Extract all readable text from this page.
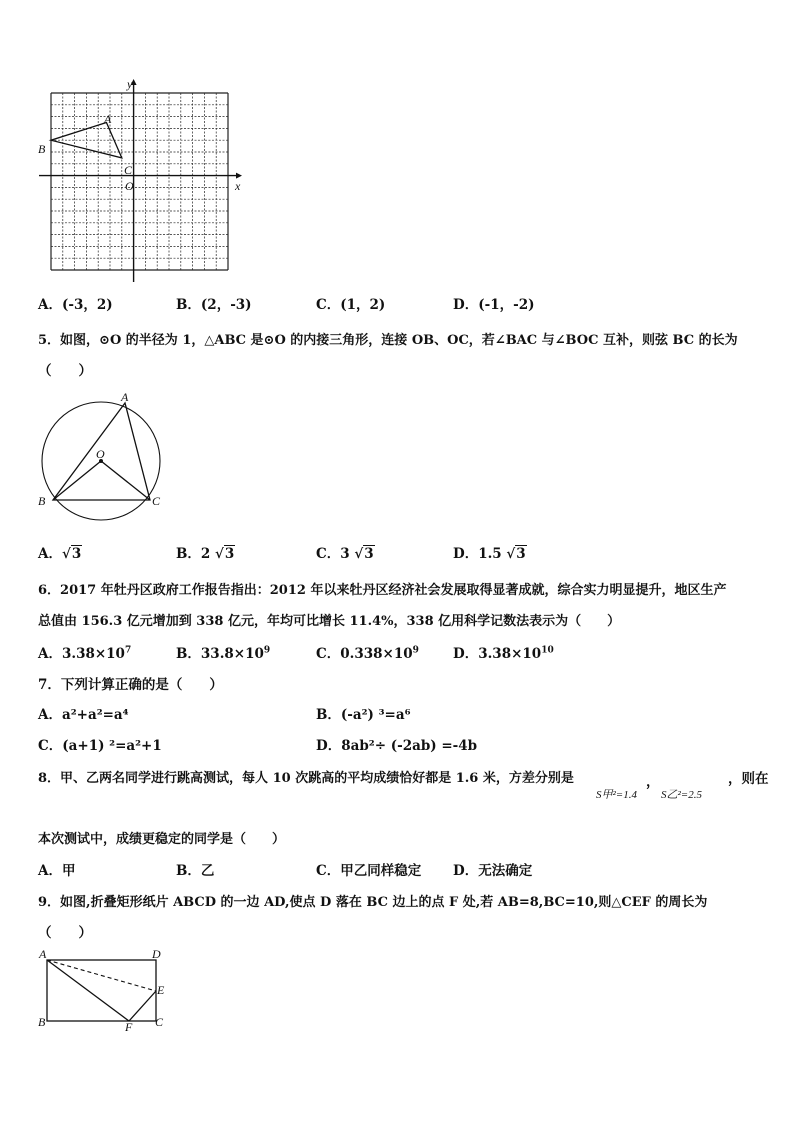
y
x
O
A
B
C
A．(-3，2)	B．(2，-3)	C．(1，2)	D．(-1，-2)
5．如图，⊙O 的半径为 1，△ABC 是⊙O 的内接三角形，连接 OB、OC，若∠BAC 与∠BOC 互补，则弦 BC 的长为
（　　）
A
B	C
O
A．√3	B．2 √3	C．3 √3	D．1.5 √3
6．2017 年牡丹区政府工作报告指出：2012 年以来牡丹区经济社会发展取得显著成就，综合实力明显提升，地区生产
总值由 156.3 亿元增加到 338 亿元，年均可比增长 11.4%，338 亿用科学记数法表示为（　　）
A．$3.38\times 10^7$	B．$33.8\times 10^9$	C．$0.338\times 10^9$	D．$3.38\times 10^{10}$
7．下列计算正确的是（　　）
A．a²+a²=a⁴	B．(-a²) ³=a⁶
C．(a+1) ²=a²+1	D．8ab²÷ (-2ab) =-4b
8．甲、乙两名同学进行跳高测试，每人 10 次跳高的平均成绩恰好都是 1.6 米，方差分别是	，
S甲²=1.4 S乙²=2.5
，则在
本次测试中，成绩更稳定的同学是（　　）
A．甲	B．乙	C．甲乙同样稳定 D．无法确定
9．如图,折叠矩形纸片 ABCD 的一边 AD,使点 D 落在 BC 边上的点 F 处,若 AB=8,BC=10,则△CEF 的周长为
（　　）
A	D
E
B	F C
